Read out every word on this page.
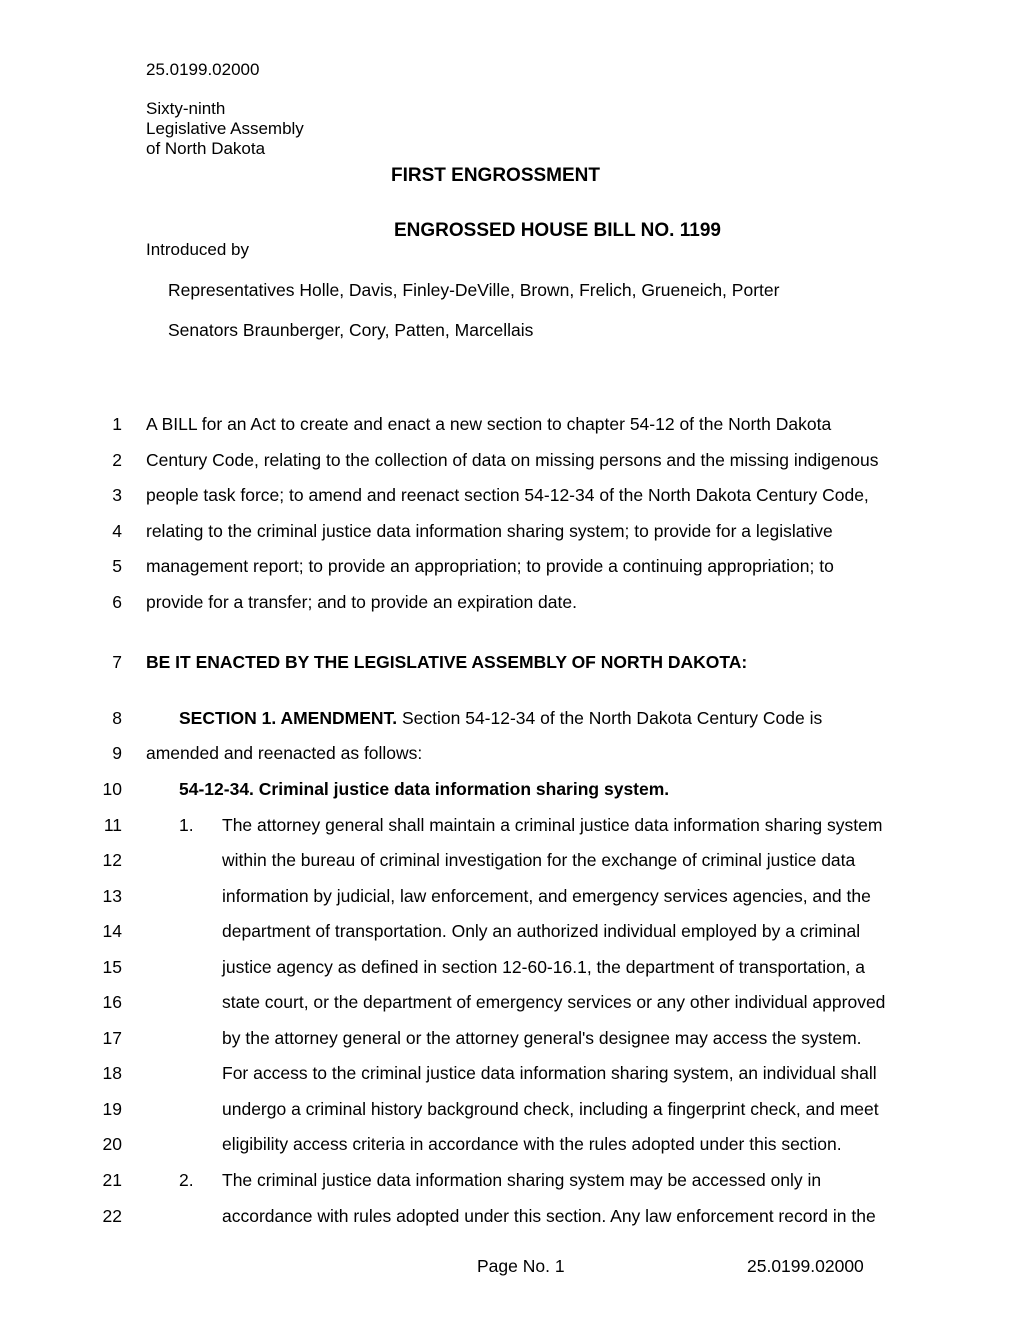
25.0199.02000
Sixty-ninth
Legislative Assembly
of North Dakota
FIRST ENGROSSMENT
ENGROSSED HOUSE BILL NO. 1199
Introduced by
Representatives Holle, Davis, Finley-DeVille, Brown, Frelich, Grueneich, Porter
Senators Braunberger, Cory, Patten, Marcellais
1 A BILL for an Act to create and enact a new section to chapter 54-12 of the North Dakota
2 Century Code, relating to the collection of data on missing persons and the missing indigenous
3 people task force; to amend and reenact section 54-12-34 of the North Dakota Century Code,
4 relating to the criminal justice data information sharing system; to provide for a legislative
5 management report; to provide an appropriation; to provide a continuing appropriation; to
6 provide for a transfer; and to provide an expiration date.
7 BE IT ENACTED BY THE LEGISLATIVE ASSEMBLY OF NORTH DAKOTA:
8	SECTION 1. AMENDMENT. Section 54-12-34 of the North Dakota Century Code is
9 amended and reenacted as follows:
10	54-12-34. Criminal justice data information sharing system.
11	1. The attorney general shall maintain a criminal justice data information sharing system
12	within the bureau of criminal investigation for the exchange of criminal justice data
13	information by judicial, law enforcement, and emergency services agencies, and the
14	department of transportation. Only an authorized individual employed by a criminal
15	justice agency as defined in section 12-60-16.1, the department of transportation, a
16	state court, or the department of emergency services or any other individual approved
17	by the attorney general or the attorney general's designee may access the system.
18	For access to the criminal justice data information sharing system, an individual shall
19	undergo a criminal history background check, including a fingerprint check, and meet
20	eligibility access criteria in accordance with the rules adopted under this section.
21	2. The criminal justice data information sharing system may be accessed only in
22	accordance with rules adopted under this section. Any law enforcement record in the
Page No. 1	25.0199.02000
